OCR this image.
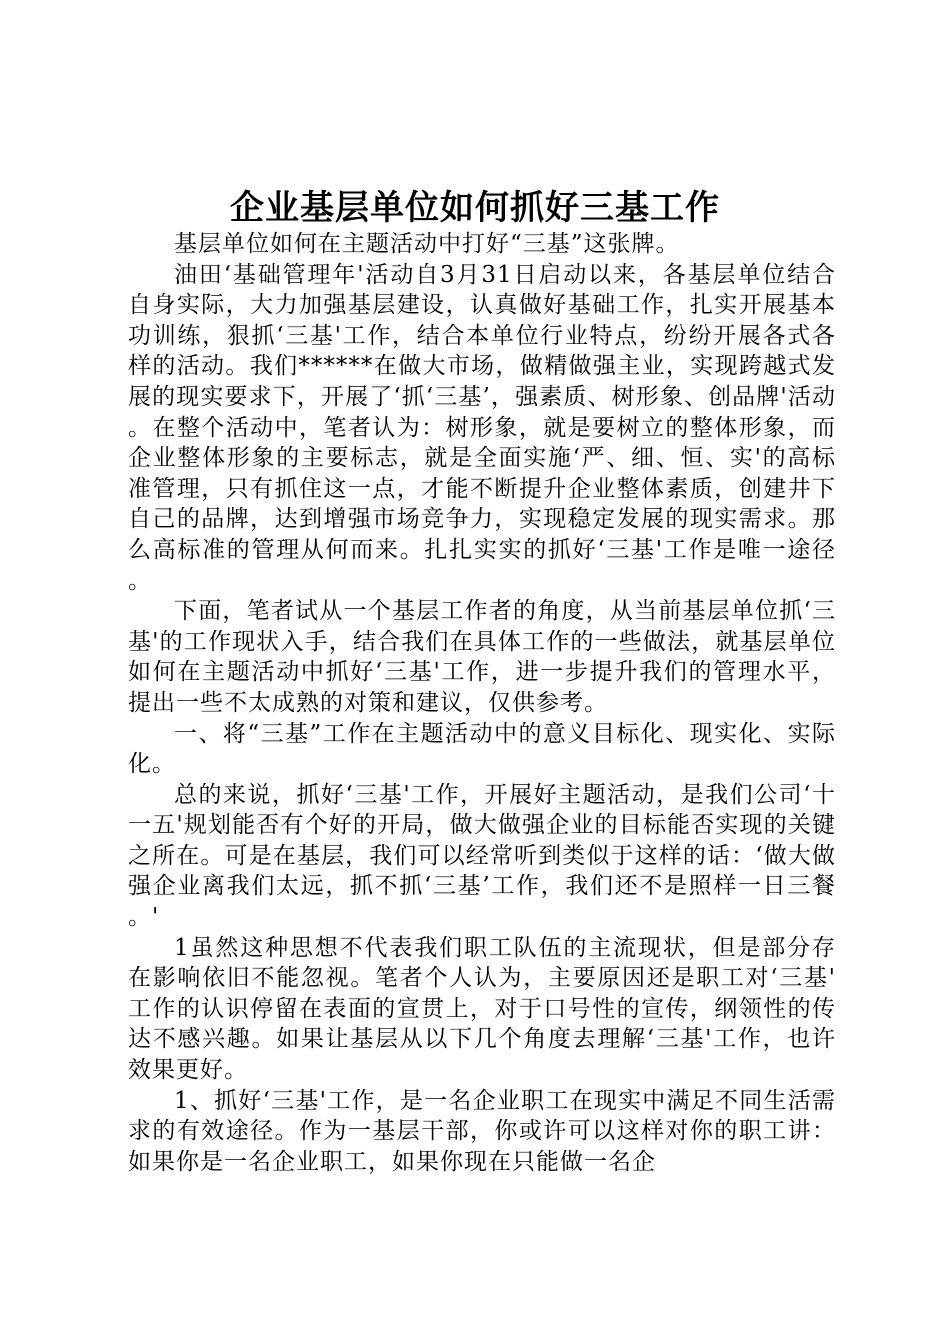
企业基层单位如何抓好三基工作

基层单位如何在主题活动中打好“三基”这张牌。

油田‘基础管理年'活动自3月31日启动以来，各基层单位结合自身实际，大力加强基层建设，认真做好基础工作，扎实开展基本功训练，狠抓‘三基'工作，结合本单位行业特点，纷纷开展各式各样的活动。我们******在做大市场，做精做强主业，实现跨越式发展的现实要求下，开展了‘抓‘三基’，强素质、树形象、创品牌'活动。在整个活动中，笔者认为：树形象，就是要树立的整体形象，而企业整体形象的主要标志，就是全面实施‘严、细、恒、实'的高标准管理，只有抓住这一点，才能不断提升企业整体素质，创建井下自己的品牌，达到增强市场竞争力，实现稳定发展的现实需求。那么高标准的管理从何而来。扎扎实实的抓好‘三基'工作是唯一途径。

下面，笔者试从一个基层工作者的角度，从当前基层单位抓‘三基'的工作现状入手，结合我们在具体工作的一些做法，就基层单位如何在主题活动中抓好‘三基'工作，进一步提升我们的管理水平，提出一些不太成熟的对策和建议，仅供参考。

一、将“三基”工作在主题活动中的意义目标化、现实化、实际化。

总的来说，抓好‘三基'工作，开展好主题活动，是我们公司‘十一五'规划能否有个好的开局，做大做强企业的目标能否实现的关键之所在。可是在基层，我们可以经常听到类似于这样的话：‘做大做强企业离我们太远，抓不抓‘三基’工作，我们还不是照样一日三餐。'

1虽然这种思想不代表我们职工队伍的主流现状，但是部分存在影响依旧不能忽视。笔者个人认为，主要原因还是职工对‘三基'工作的认识停留在表面的宣贯上，对于口号性的宣传，纲领性的传达不感兴趣。如果让基层从以下几个角度去理解‘三基'工作，也许效果更好。

1、抓好‘三基'工作，是一名企业职工在现实中满足不同生活需求的有效途径。作为一基层干部，你或许可以这样对你的职工讲：如果你是一名企业职工，如果你现在只能做一名企
